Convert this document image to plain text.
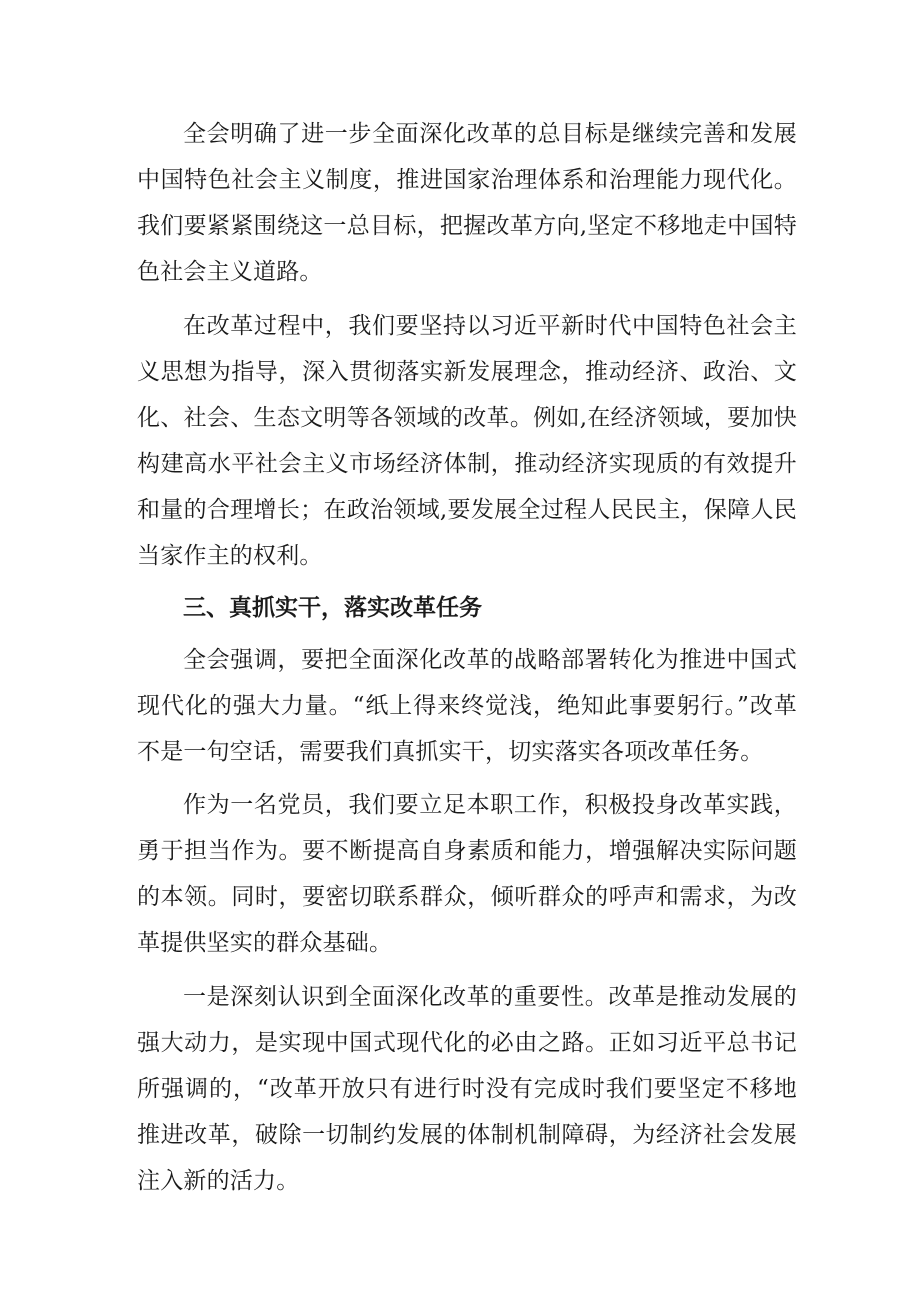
全会明确了进一步全面深化改革的总目标是继续完善和发展中国特色社会主义制度，推进国家治理体系和治理能力现代化。我们要紧紧围绕这一总目标，把握改革方向,坚定不移地走中国特色社会主义道路。

在改革过程中，我们要坚持以习近平新时代中国特色社会主义思想为指导，深入贯彻落实新发展理念，推动经济、政治、文化、社会、生态文明等各领域的改革。例如,在经济领域，要加快构建高水平社会主义市场经济体制，推动经济实现质的有效提升和量的合理增长；在政治领域,要发展全过程人民民主，保障人民当家作主的权利。

三、真抓实干，落实改革任务

全会强调，要把全面深化改革的战略部署转化为推进中国式现代化的强大力量。“纸上得来终觉浅，绝知此事要躬行。”改革不是一句空话，需要我们真抓实干，切实落实各项改革任务。

作为一名党员，我们要立足本职工作，积极投身改革实践，勇于担当作为。要不断提高自身素质和能力，增强解决实际问题的本领。同时，要密切联系群众，倾听群众的呼声和需求，为改革提供坚实的群众基础。

一是深刻认识到全面深化改革的重要性。改革是推动发展的强大动力，是实现中国式现代化的必由之路。正如习近平总书记所强调的，“改革开放只有进行时没有完成时我们要坚定不移地推进改革，破除一切制约发展的体制机制障碍，为经济社会发展注入新的活力。
